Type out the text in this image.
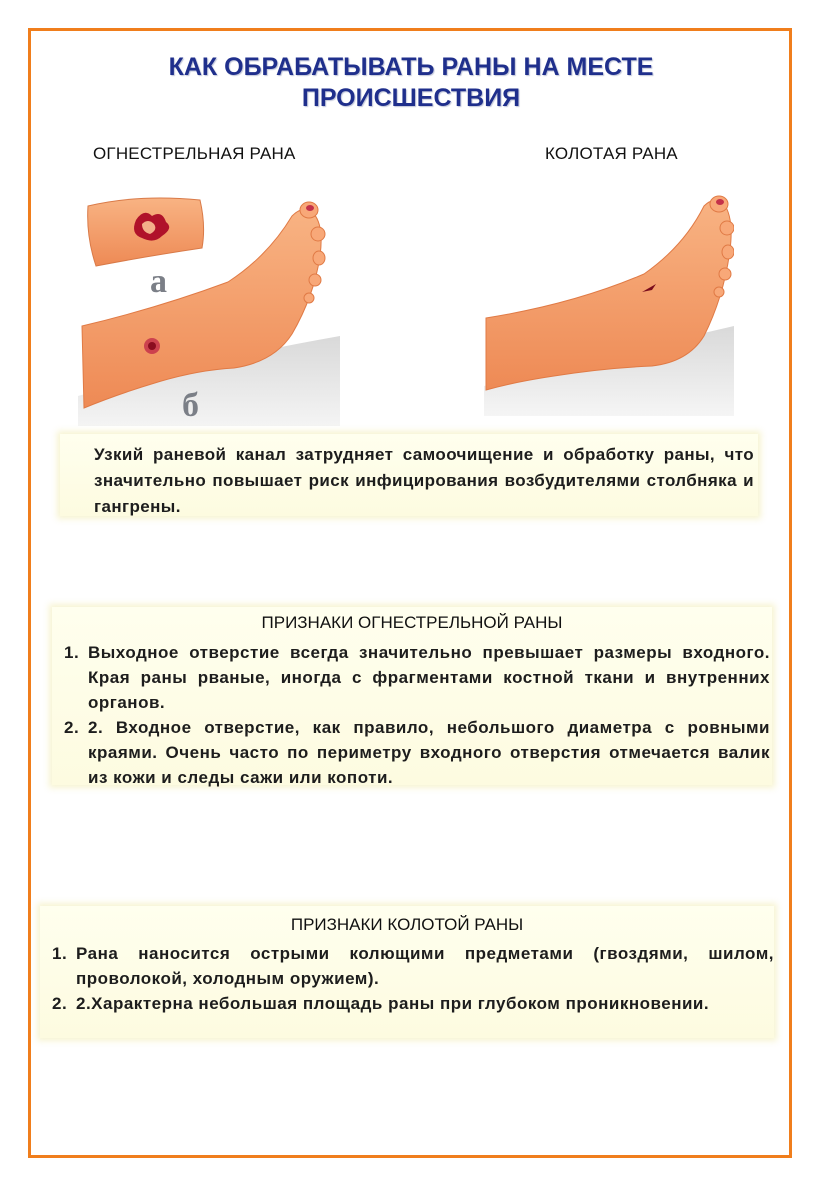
КАК ОБРАБАТЫВАТЬ РАНЫ НА МЕСТЕ
ПРОИСШЕСТВИЯ
ОГНЕСТРЕЛЬНАЯ РАНА	КОЛОТАЯ РАНА
а
б
Узкий раневой канал затрудняет самоочищение и обработку раны, что значительно повышает риск инфицирования возбудителями столбняка и гангрены.
ПРИЗНАКИ ОГНЕСТРЕЛЬНОЙ РАНЫ
1. Выходное отверстие всегда значительно превышает размеры входного. Края раны рваные, иногда с фрагментами костной ткани и внутренних органов.
2. 2. Входное отверстие, как правило, небольшого диаметра с ровными краями. Очень часто по периметру входного отверстия отмечается валик из кожи и следы сажи или копоти.
ПРИЗНАКИ КОЛОТОЙ РАНЫ
1. Рана наносится острыми колющими предметами (гвоздями, шилом, проволокой, холодным оружием).
2. 2.Характерна небольшая площадь раны при глубоком проникновении.
